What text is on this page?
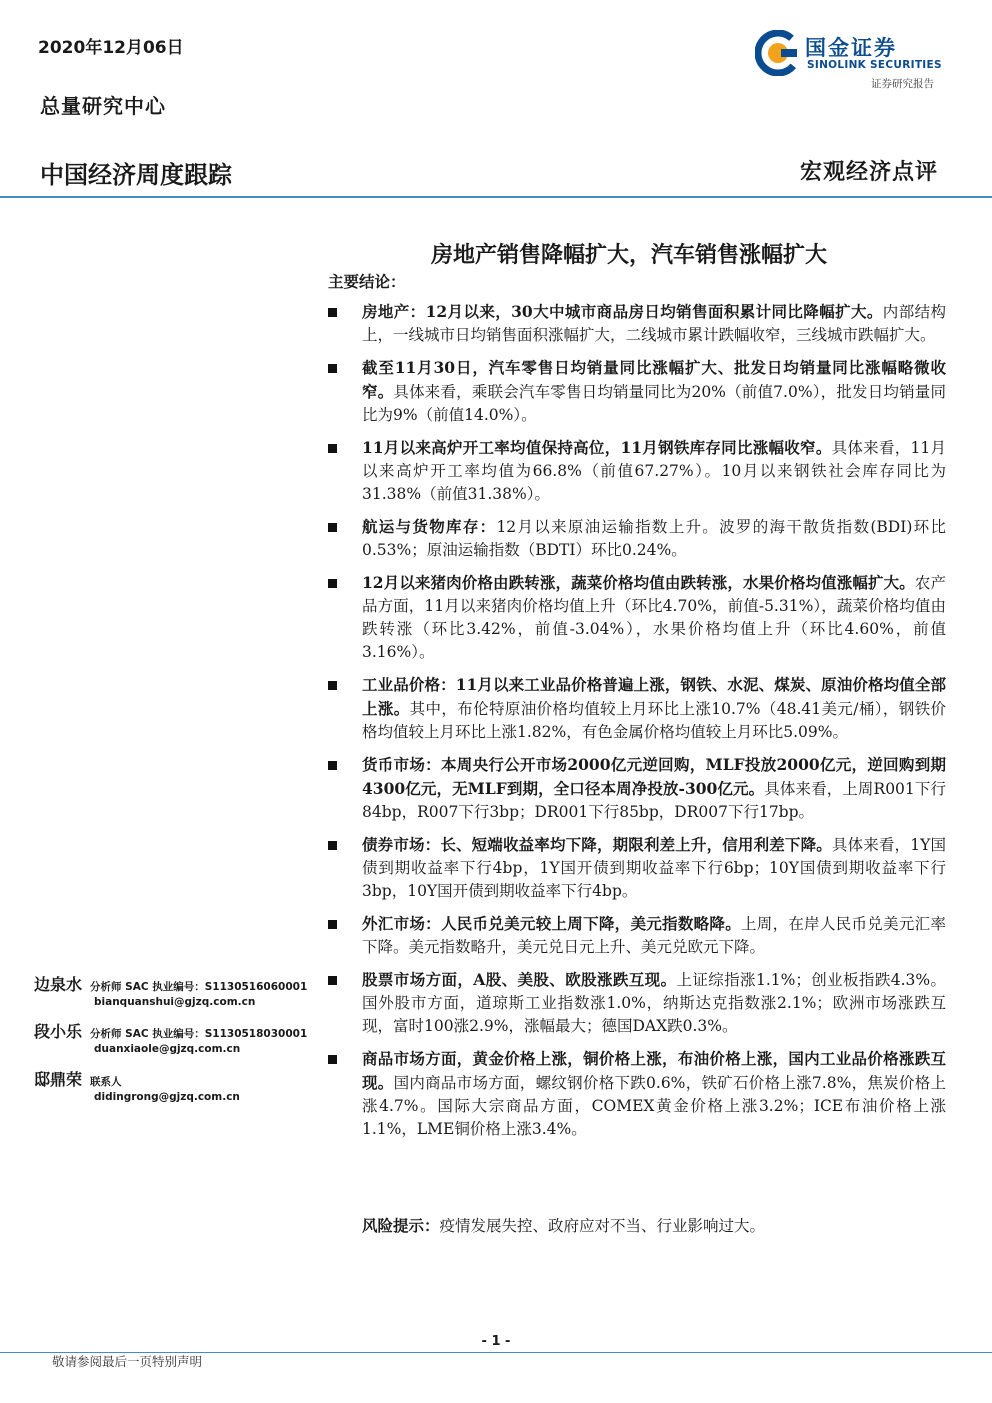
2020年12月06日
总量研究中心
中国经济周度跟踪	宏观经济点评
国金证券
SINOLINK SECURITIES
证券研究报告
房地产销售降幅扩大，汽车销售涨幅扩大
主要结论：
房地产：12月以来，30大中城市商品房日均销售面积累计同比降幅扩大。内部结构上，一线城市日均销售面积涨幅扩大，二线城市累计跌幅收窄，三线城市跌幅扩大。
截至11月30日，汽车零售日均销量同比涨幅扩大、批发日均销量同比涨幅略微收窄。具体来看，乘联会汽车零售日均销量同比为20%（前值7.0%），批发日均销量同比为9%（前值14.0%）。
11月以来高炉开工率均值保持高位，11月钢铁库存同比涨幅收窄。具体来看，11月以来高炉开工率均值为66.8%（前值67.27%）。10月以来钢铁社会库存同比为31.38%（前值31.38%）。
航运与货物库存：12月以来原油运输指数上升。波罗的海干散货指数(BDI)环比0.53%；原油运输指数（BDTI）环比0.24%。
12月以来猪肉价格由跌转涨，蔬菜价格均值由跌转涨，水果价格均值涨幅扩大。农产品方面，11月以来猪肉价格均值上升（环比4.70%，前值-5.31%），蔬菜价格均值由跌转涨（环比3.42%，前值-3.04%），水果价格均值上升（环比4.60%，前值3.16%）。
工业品价格：11月以来工业品价格普遍上涨，钢铁、水泥、煤炭、原油价格均值全部上涨。其中，布伦特原油价格均值较上月环比上涨10.7%（48.41美元/桶），钢铁价格均值较上月环比上涨1.82%，有色金属价格均值较上月环比5.09%。
货币市场：本周央行公开市场2000亿元逆回购，MLF投放2000亿元，逆回购到期4300亿元，无MLF到期，全口径本周净投放-300亿元。具体来看，上周R001下行84bp，R007下行3bp；DR001下行85bp，DR007下行17bp。
债券市场：长、短端收益率均下降，期限利差上升，信用利差下降。具体来看，1Y国债到期收益率下行4bp，1Y国开债到期收益率下行6bp；10Y国债到期收益率下行3bp，10Y国开债到期收益率下行4bp。
外汇市场：人民币兑美元较上周下降，美元指数略降。上周，在岸人民币兑美元汇率下降。美元指数略升，美元兑日元上升、美元兑欧元下降。
股票市场方面，A股、美股、欧股涨跌互现。上证综指涨1.1%；创业板指跌4.3%。国外股市方面，道琼斯工业指数涨1.0%，纳斯达克指数涨2.1%；欧洲市场涨跌互现，富时100涨2.9%，涨幅最大；德国DAX跌0.3%。
商品市场方面，黄金价格上涨，铜价格上涨，布油价格上涨，国内工业品价格涨跌互现。国内商品市场方面，螺纹钢价格下跌0.6%，铁矿石价格上涨7.8%，焦炭价格上涨4.7%。国际大宗商品方面，COMEX黄金价格上涨3.2%；ICE布油价格上涨1.1%，LME铜价格上涨3.4%。
风险提示：疫情发展失控、政府应对不当、行业影响过大。
边泉水 分析师 SAC 执业编号：S1130516060001
bianquanshui@gjzq.com.cn
段小乐 分析师 SAC 执业编号：S1130518030001
duanxiaole@gjzq.com.cn
邸鼎荣 联系人
didingrong@gjzq.com.cn
- 1 -
敬请参阅最后一页特别声明
